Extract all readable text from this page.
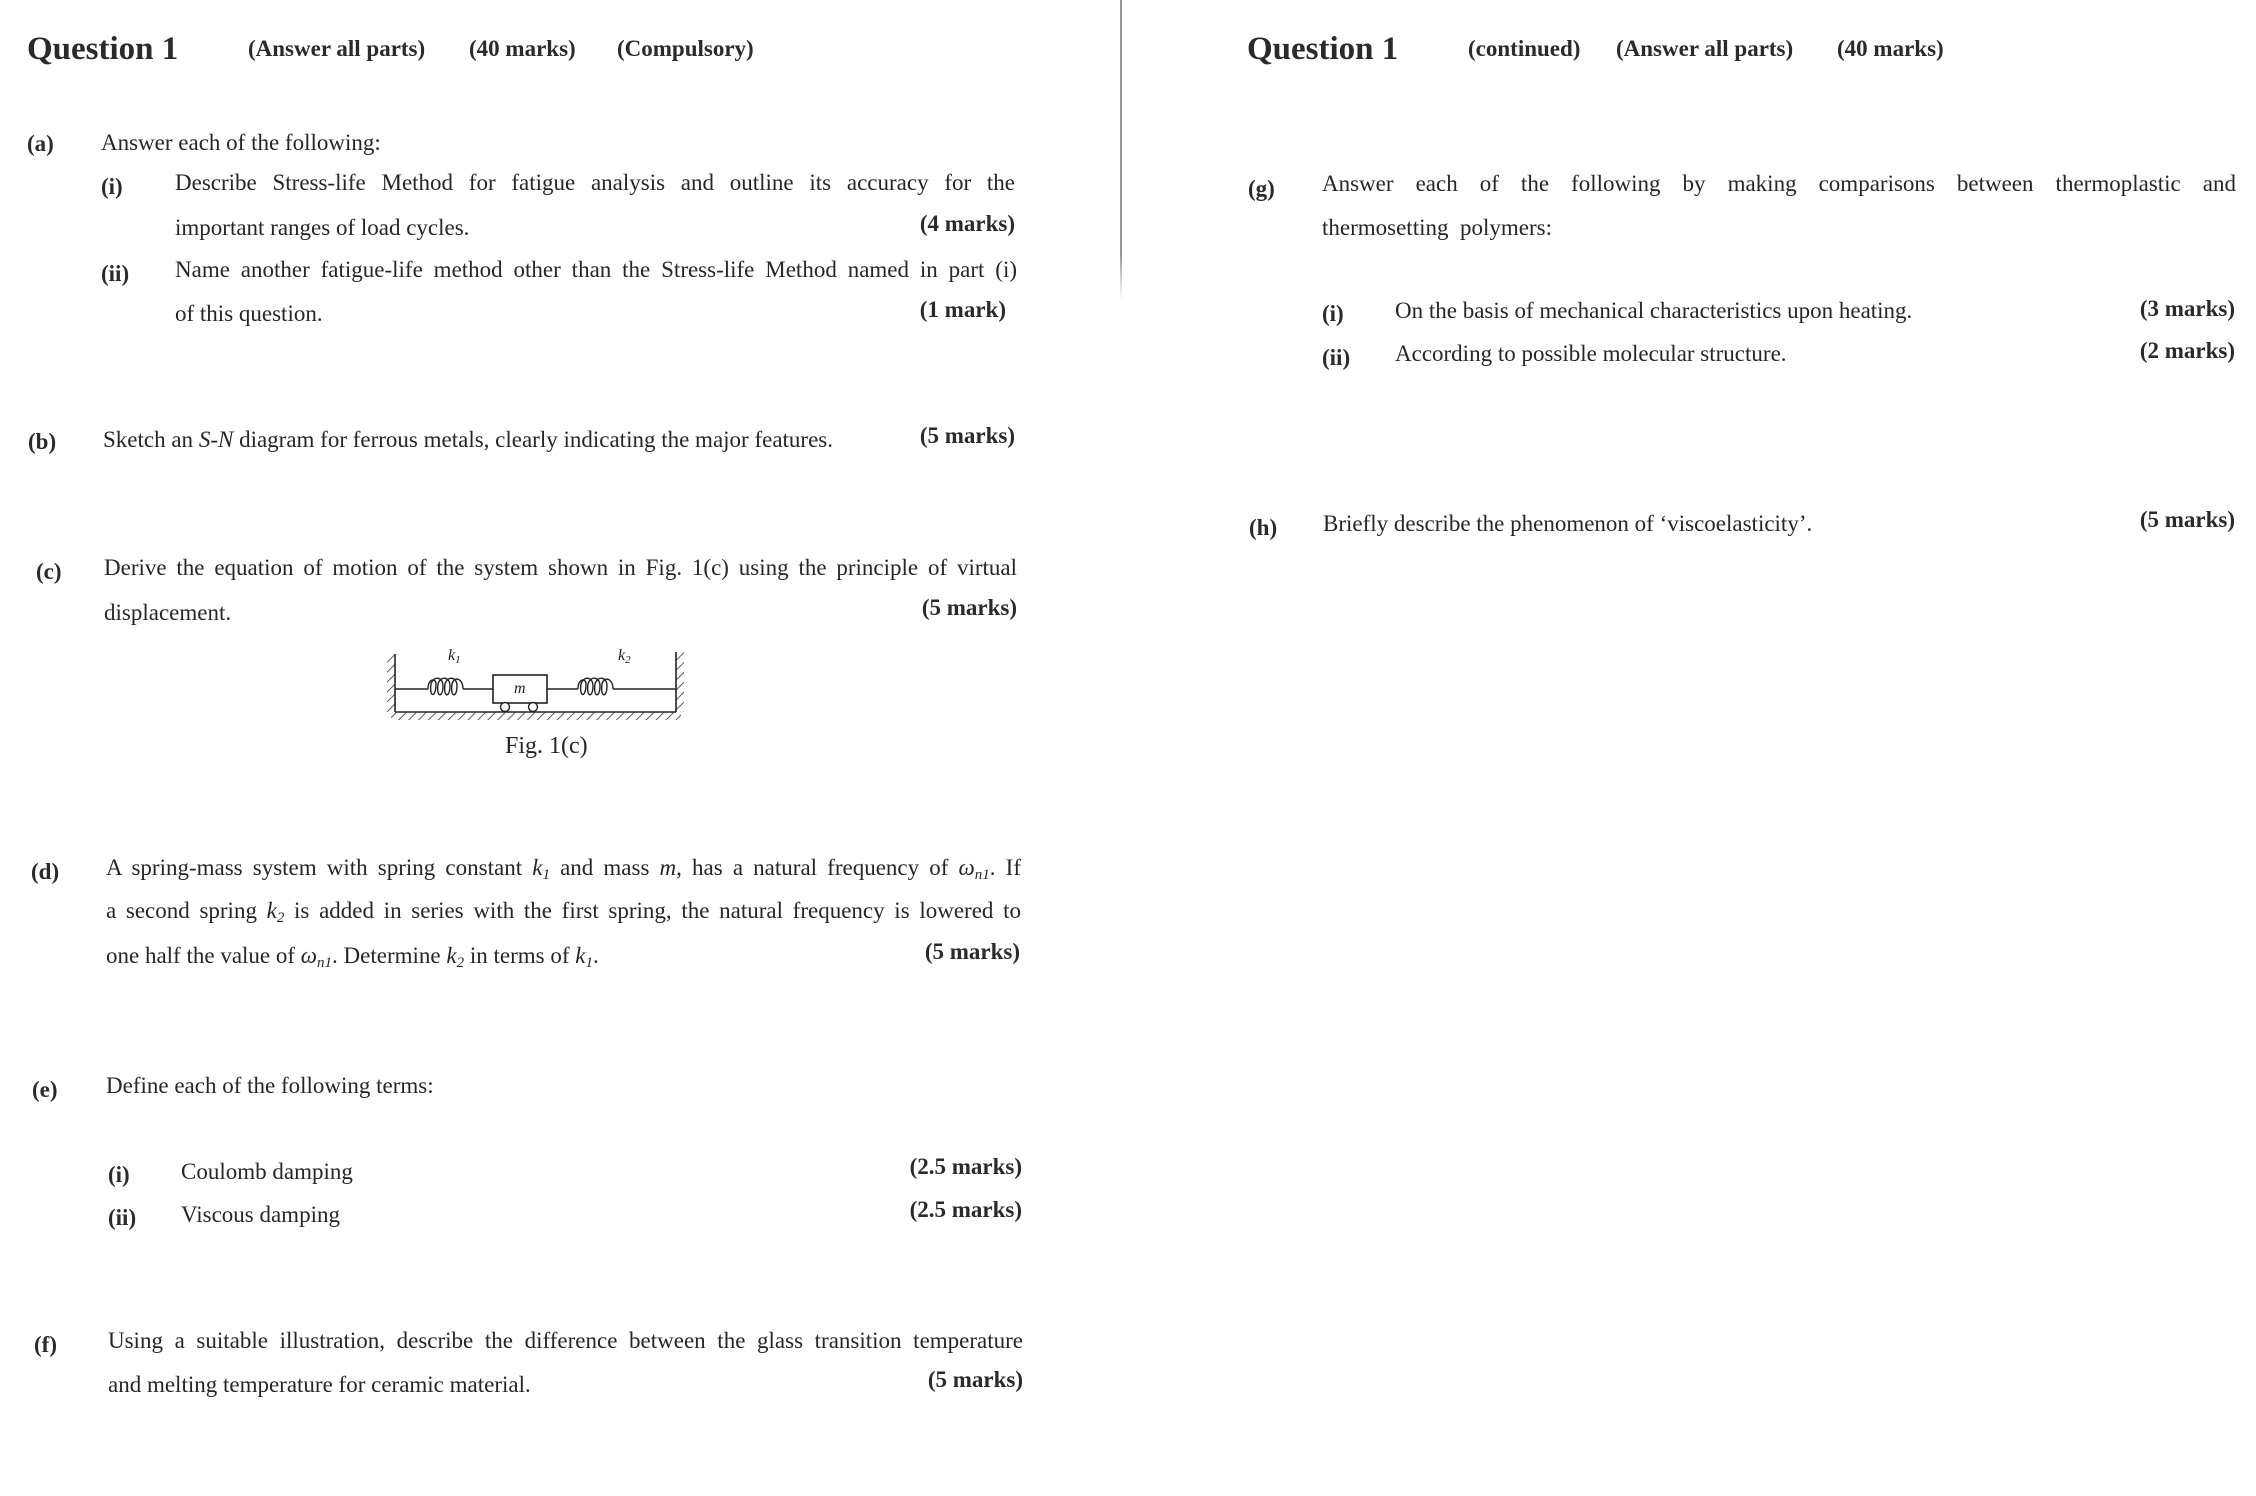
Question 1	(Answer all parts) (40 marks) (Compulsory)
(a) Answer each of the following:
(i) Describe Stress-life Method for fatigue analysis and outline its accuracy for the
important ranges of load cycles.	(4 marks)
(ii) Name another fatigue-life method other than the Stress-life Method named in part (i)
of this question.	(1 mark)
(b) Sketch an S-N diagram for ferrous metals, clearly indicating the major features.	(5 marks)
(c) Derive the equation of motion of the system shown in Fig. 1(c) using the principle of virtual
displacement.	(5 marks)
$k_1$	$k_2$
m
Fig. 1(c)
(d) A spring-mass system with spring constant $k_1$ and mass m, has a natural frequency of $\omega_{n1}$. If
a second spring $k_2$ is added in series with the first spring, the natural frequency is lowered to
one half the value of $\omega_{n1}$. Determine $k_2$ in terms of $k_1$.	(5 marks)
(e) Define each of the following terms:
(i) Coulomb damping	(2.5 marks)
(ii) Viscous damping	(2.5 marks)
(f) Using a suitable illustration, describe the difference between the glass transition temperature
and melting temperature for ceramic material.	(5 marks)
Question 1	(continued) (Answer all parts) (40 marks)
(g) Answer each of the following by making comparisons between thermoplastic and
thermosetting  polymers:
(i) On the basis of mechanical characteristics upon heating.	(3 marks)
(ii) According to possible molecular structure.	(2 marks)
(h) Briefly describe the phenomenon of ‘viscoelasticity’.	(5 marks)
